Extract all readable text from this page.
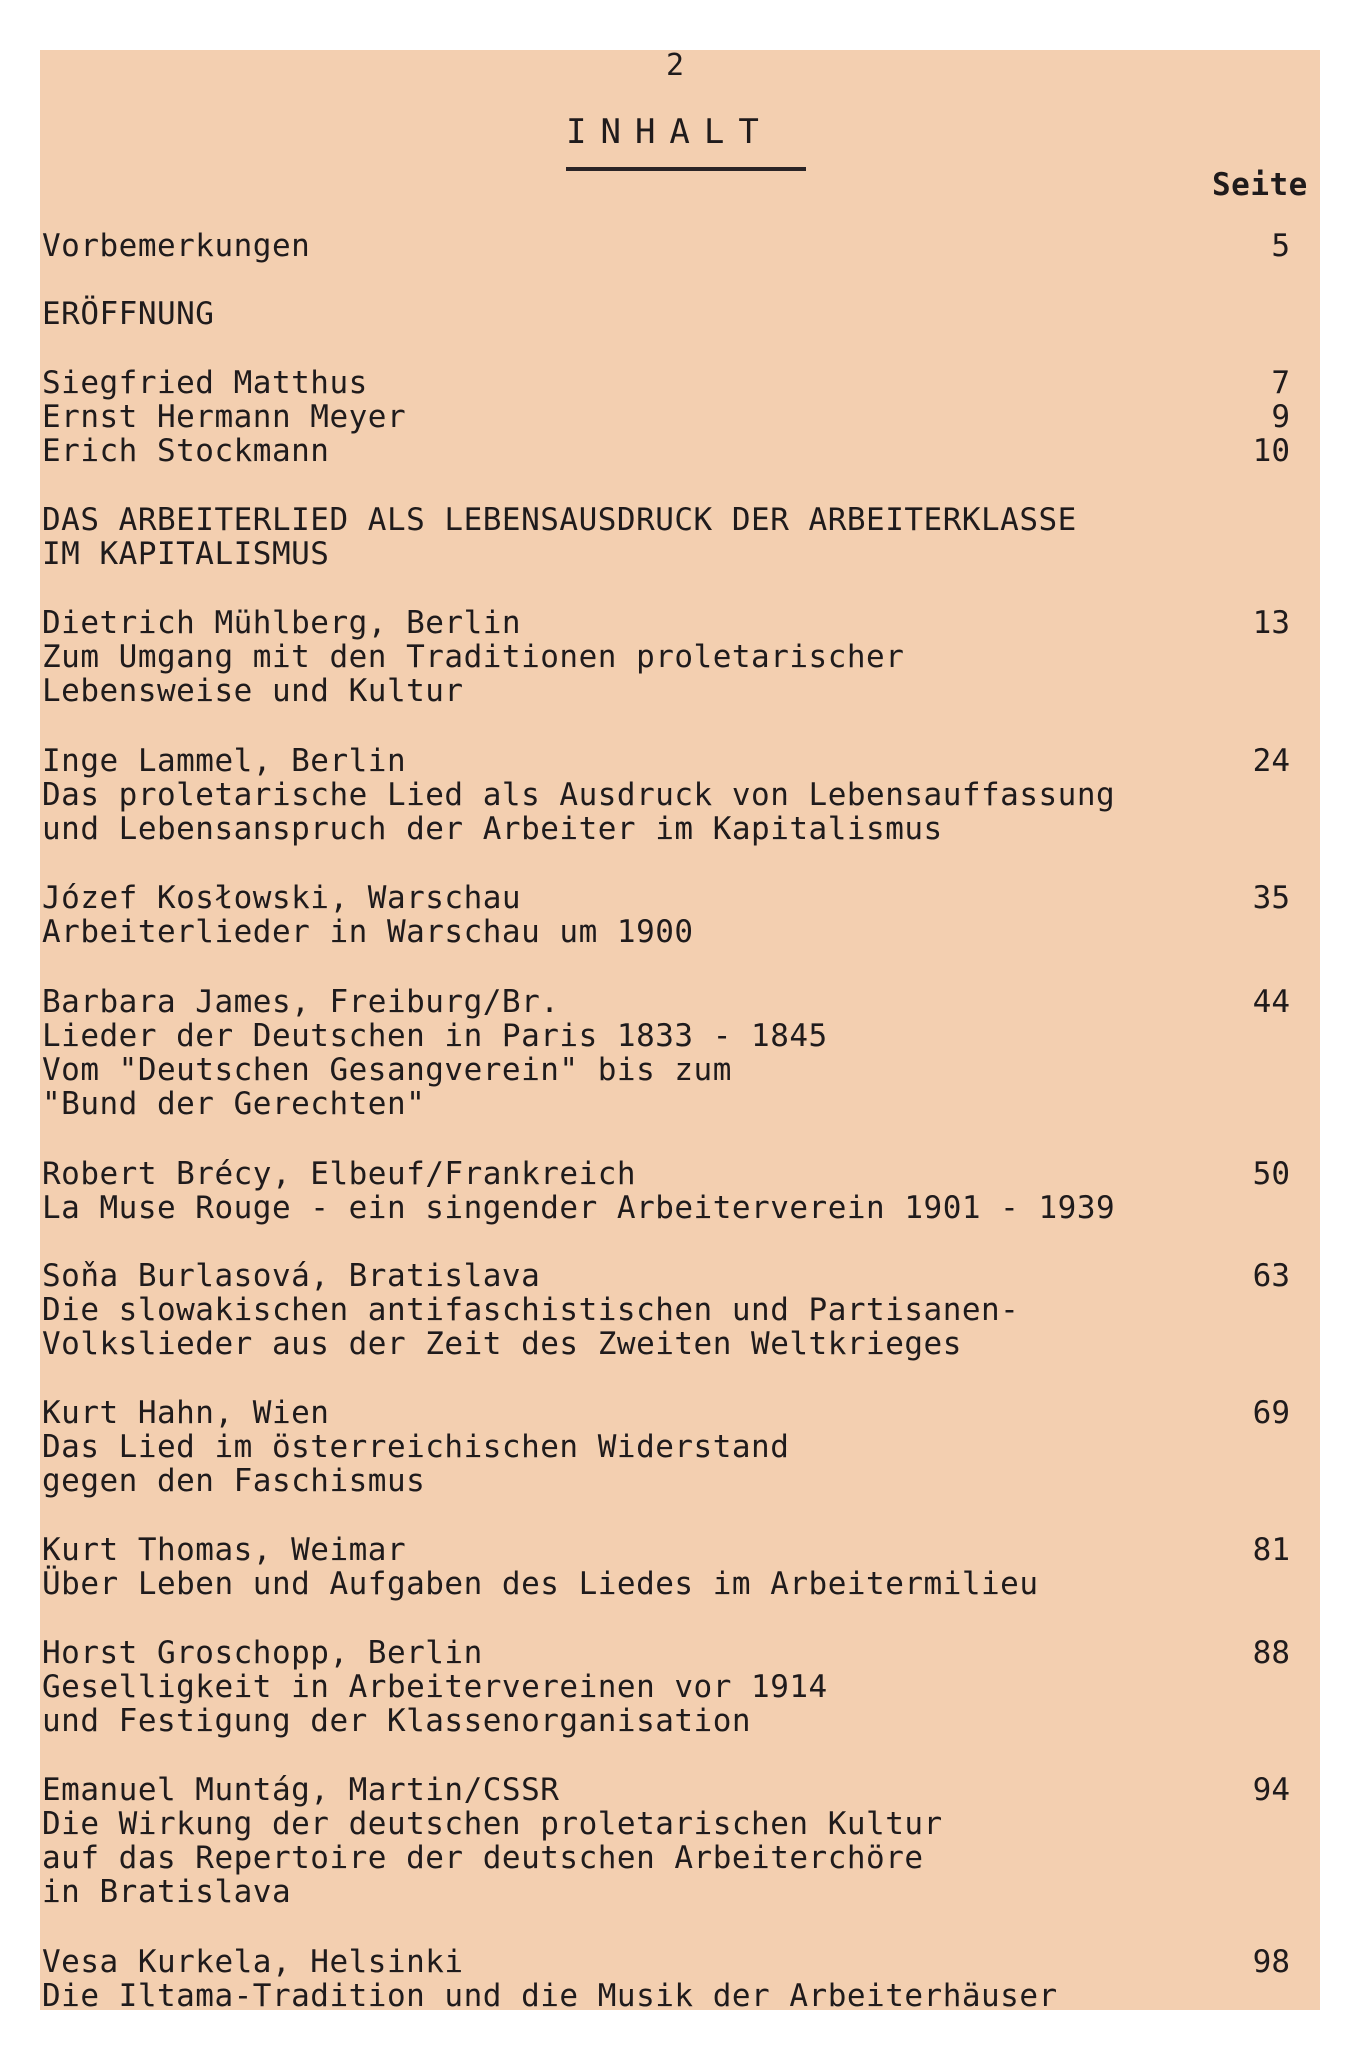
2
INHALT
Seite
Vorbemerkungen	5
ERÖFFNUNG
Siegfried Matthus	7
Ernst Hermann Meyer	9
Erich Stockmann	10
DAS ARBEITERLIED ALS LEBENSAUSDRUCK DER ARBEITERKLASSE
IM KAPITALISMUS
Dietrich Mühlberg, Berlin	13
Zum Umgang mit den Traditionen proletarischer
Lebensweise und Kultur
Inge Lammel, Berlin	24
Das proletarische Lied als Ausdruck von Lebensauffassung
und Lebensanspruch der Arbeiter im Kapitalismus
Józef Kosłowski, Warschau	35
Arbeiterlieder in Warschau um 1900
Barbara James, Freiburg/Br.	44
Lieder der Deutschen in Paris 1833 - 1845
Vom "Deutschen Gesangverein" bis zum
"Bund der Gerechten"
Robert Brécy, Elbeuf/Frankreich	50
La Muse Rouge - ein singender Arbeiterverein 1901 - 1939
Soňa Burlasová, Bratislava	63
Die slowakischen antifaschistischen und Partisanen-
Volkslieder aus der Zeit des Zweiten Weltkrieges
Kurt Hahn, Wien	69
Das Lied im österreichischen Widerstand
gegen den Faschismus
Kurt Thomas, Weimar	81
Über Leben und Aufgaben des Liedes im Arbeitermilieu
Horst Groschopp, Berlin	88
Geselligkeit in Arbeitervereinen vor 1914
und Festigung der Klassenorganisation
Emanuel Muntág, Martin/CSSR	94
Die Wirkung der deutschen proletarischen Kultur
auf das Repertoire der deutschen Arbeiterchöre
in Bratislava
Vesa Kurkela, Helsinki	98
Die Iltama-Tradition und die Musik der Arbeiterhäuser
